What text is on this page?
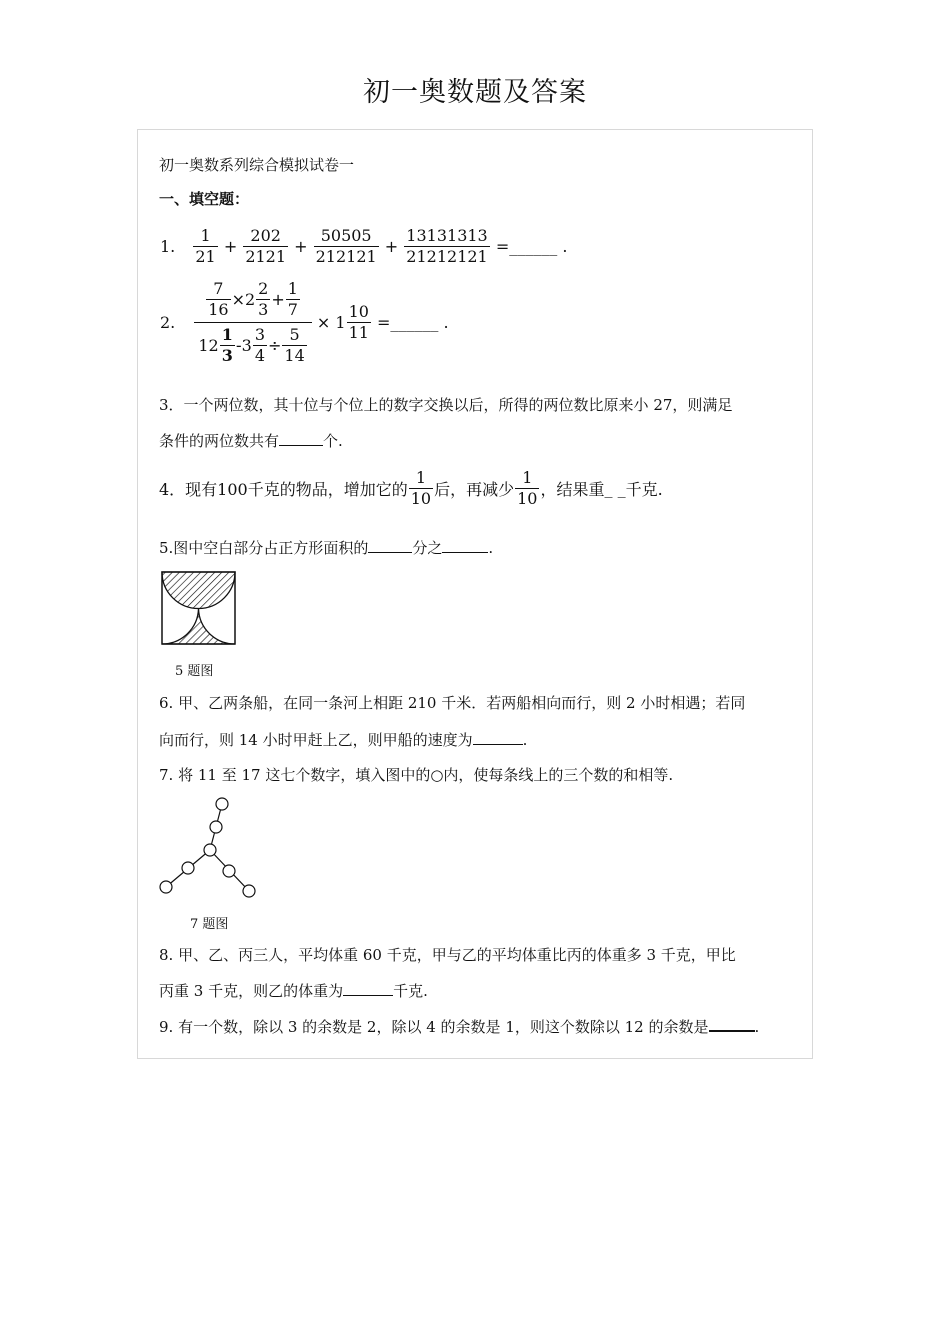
初一奥数题及答案
初一奥数系列综合模拟试卷一
一、填空题：
1. $\frac{1}{21} + \frac{202}{2121} + \frac{50505}{212121} + \frac{13131313}{21212121}$ =______ .
2. $\frac{\frac{7}{16} \times 2 \frac{2}{3} + \frac{1}{7}}{12 \frac{1}{3} -3 \frac{3}{4} \div \frac{5}{14}} \times 1 \frac{10}{11}$ =______ .
3．一个两位数，其十位与个位上的数字交换以后，所得的两位数比原来小 27，则满足
条件的两位数共有	个.
4．现有100千克的物品，增加它的 $\frac{1}{10}$ 后，再减少 $\frac{1}{10}$ ，结果重_ _千克.
5.图中空白部分占正方形面积的	分之	.
5 题图
6. 甲、乙两条船，在同一条河上相距 210 千米．若两船相向而行，则 2 小时相遇；若同
向而行，则 14 小时甲赶上乙，则甲船的速度为	.
7. 将 11 至 17 这七个数字，填入图中的○内，使每条线上的三个数的和相等.
7 题图
8. 甲、乙、丙三人，平均体重 60 千克，甲与乙的平均体重比丙的体重多 3 千克，甲比
丙重 3 千克，则乙的体重为	千克.
9. 有一个数，除以 3 的余数是 2，除以 4 的余数是 1，则这个数除以 12 的余数是	.
